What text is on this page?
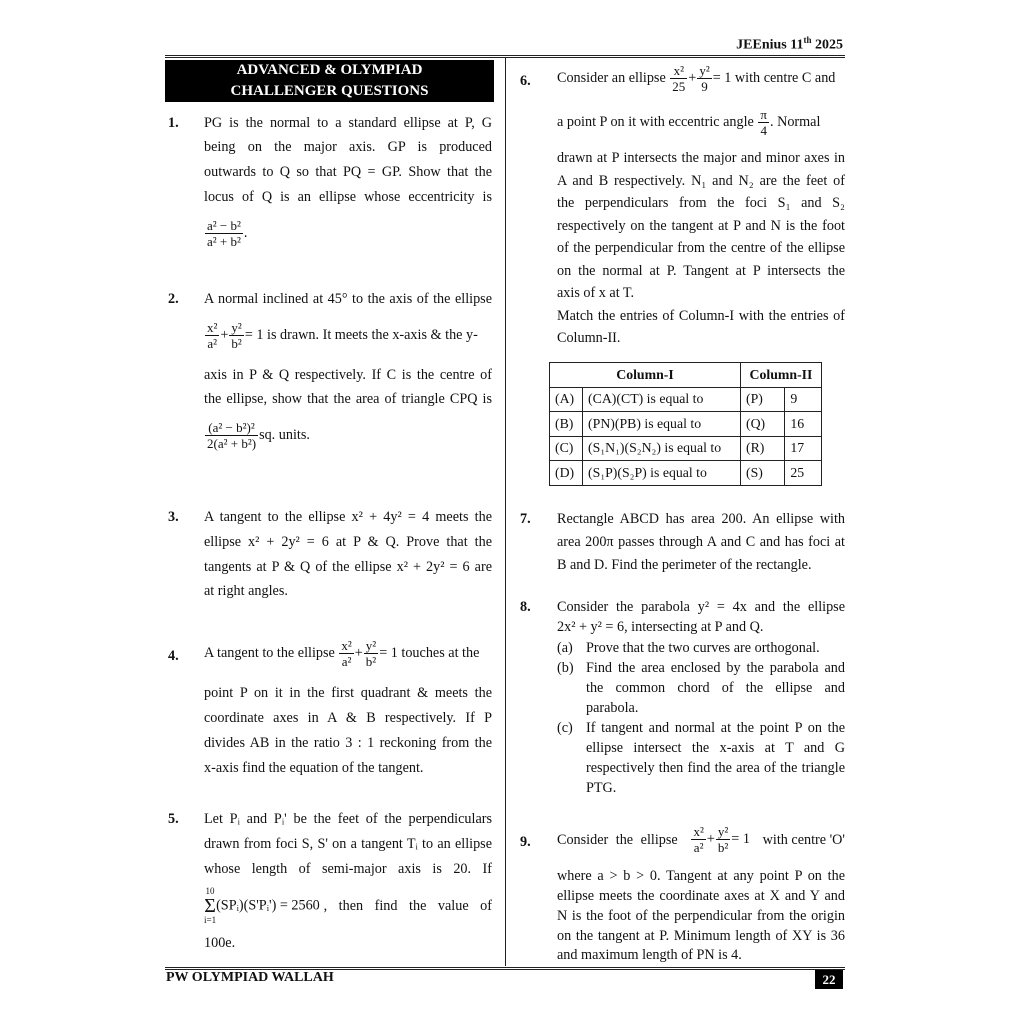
JEEnius 11th 2025
ADVANCED & OLYMPIAD
CHALLENGER QUESTIONS
1. PG is the normal to a standard ellipse at P, G
being on the major axis. GP is produced
outwards to Q so that PQ = GP. Show that the
locus of Q is an ellipse whose eccentricity is
$\frac{\text{a² − b²}}{\text{a² + b²}}$ .
2. A normal inclined at 45° to the axis of the ellipse
$\frac{\text{x²}}{\text{a²}} + \frac{\text{y²}}{\text{b²}} = 1$ is drawn. It meets the x-axis & the y-
axis in P & Q respectively. If C is the centre of
the ellipse, show that the area of triangle CPQ is
$\frac{\text{(a² − b²)²}}{\text{2(a² + b²)}}$ sq. units.
3. A tangent to the ellipse x² + 4y² = 4 meets the
ellipse x² + 2y² = 6 at P & Q. Prove that the
tangents at P & Q of the ellipse x² + 2y² = 6 are
at right angles.
4. A tangent to the ellipse $\frac{\text{x²}}{\text{a²}} + \frac{\text{y²}}{\text{b²}} = 1$ touches at the
point P on it in the first quadrant & meets the
coordinate axes in A & B respectively. If P
divides AB in the ratio 3 : 1 reckoning from the
x-axis find the equation of the tangent.
5. Let Pᵢ and Pᵢ' be the feet of the perpendiculars
drawn from foci S, S' on a tangent Tᵢ to an ellipse
whose length of semi-major axis is 20. If
10
Σ
i=1
(SPᵢ)(S'Pᵢ') = 2560 , then find the value of
100e.
6. Consider an ellipse $\frac{\text{x²}}{25} + \frac{\text{y²}}{9} = 1$ with centre C and
a point P on it with eccentric angle $\frac{\pi}{4}$ . Normal
drawn at P intersects the major and minor axes in
A and B respectively. N₁ and N₂ are the feet of
the perpendiculars from the foci S₁ and S₂
respectively on the tangent at P and N is the foot
of the perpendicular from the centre of the ellipse
on the normal at P. Tangent at P intersects the
axis of x at T.
Match the entries of Column-I with the entries of
Column-II.
Column-I		Column-II	
(A)	(CA)(CT) is equal to	(P)	9
(B)	(PN)(PB) is equal to	(Q)	16
(C)	(S₁N₁)(S₂N₂) is equal to	(R)	17
(D)	(S₁P)(S₂P) is equal to	(S)	25
7. Rectangle ABCD has area 200. An ellipse with
area 200π passes through A and C and has foci at
B and D. Find the perimeter of the rectangle.
8. Consider the parabola y² = 4x and the ellipse
2x² + y² = 6, intersecting at P and Q.
(a) Prove that the two curves are orthogonal.
(b) Find the area enclosed by the parabola and
the common chord of the ellipse and
parabola.
(c) If tangent and normal at the point P on the
ellipse intersect the x-axis at T and G
respectively then find the area of the triangle
PTG.
9. Consider the ellipse $\frac{\text{x²}}{\text{a²}} + \frac{\text{y²}}{\text{b²}} = 1$ with centre 'O'
where a > b > 0. Tangent at any point P on the
ellipse meets the coordinate axes at X and Y and
N is the foot of the perpendicular from the origin
on the tangent at P. Minimum length of XY is 36
and maximum length of PN is 4.
PW OLYMPIAD WALLAH	22
